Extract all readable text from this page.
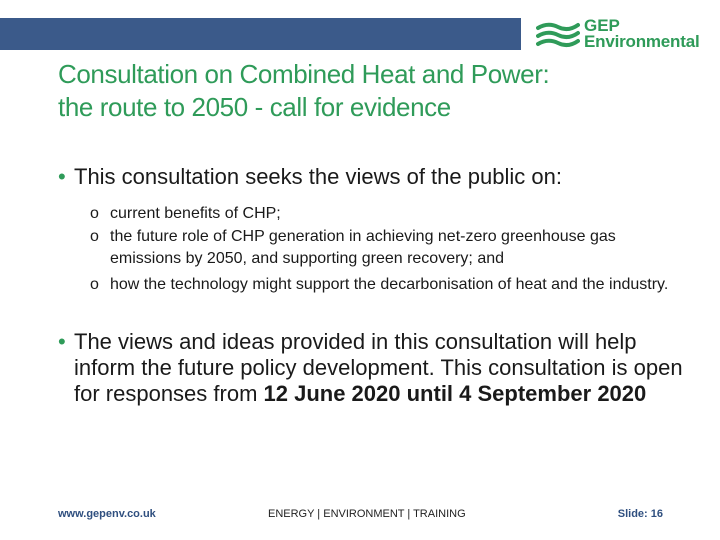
GEP
Environmental
Consultation on Combined Heat and Power:
the route to 2050 - call for evidence
• This consultation seeks the views of the public on:
o current benefits of CHP;
o the future role of CHP generation in achieving net-zero greenhouse gas emissions by 2050, and supporting green recovery; and
o how the technology might support the decarbonisation of heat and the industry.
• The views and ideas provided in this consultation will help inform the future policy development. This consultation is open for responses from 12 June 2020 until 4 September 2020
www.gepenv.co.uk	ENERGY | ENVIRONMENT | TRAINING	Slide: 16
